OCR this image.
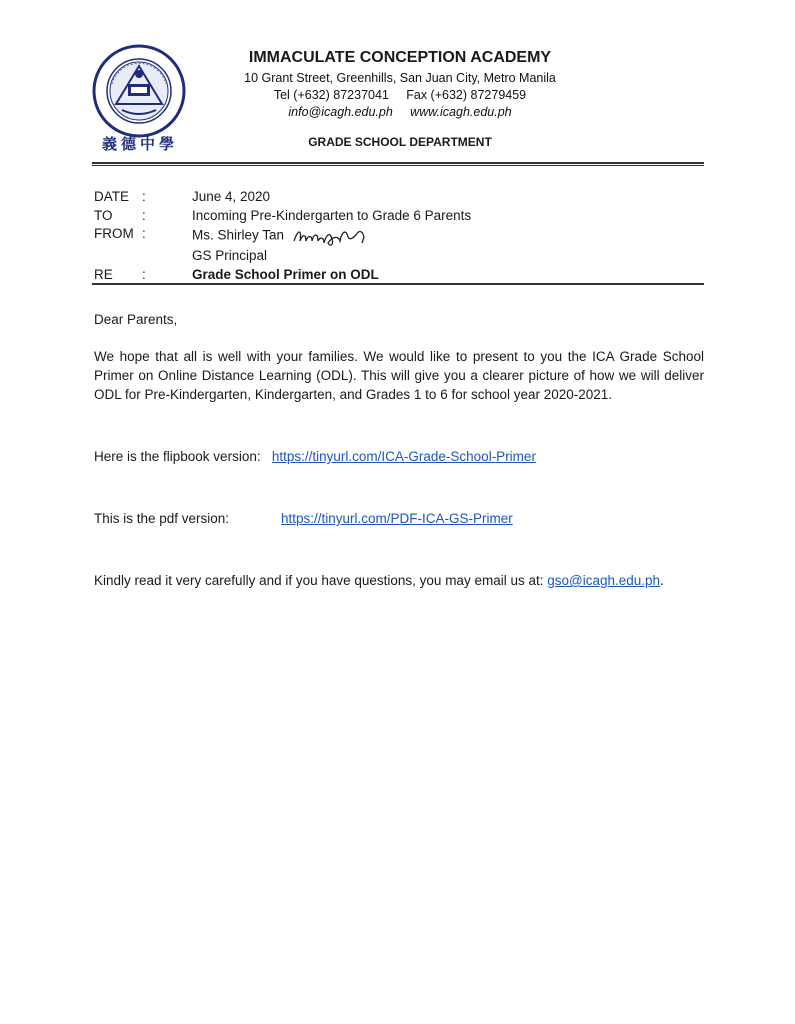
義德中學
IMMACULATE CONCEPTION ACADEMY
10 Grant Street, Greenhills, San Juan City, Metro Manila
Tel (+632) 87237041     Fax (+632) 87279459
info@icagh.edu.ph     www.icagh.edu.ph
GRADE SCHOOL DEPARTMENT
DATE :	June 4, 2020
TO	:	Incoming Pre-Kindergarten to Grade 6 Parents
FROM :	Ms. Shirley Tan
GS Principal
RE	:	Grade School Primer on ODL
Dear Parents,
We hope that all is well with your families. We would like to present to you the ICA Grade School Primer on Online Distance Learning (ODL). This will give you a clearer picture of how we will deliver ODL for Pre-Kindergarten, Kindergarten, and Grades 1 to 6 for school year 2020-2021.
Here is the flipbook version: https://tinyurl.com/ICA-Grade-School-Primer
This is the pdf version:	https://tinyurl.com/PDF-ICA-GS-Primer
Kindly read it very carefully and if you have questions, you may email us at: gso@icagh.edu.ph.
